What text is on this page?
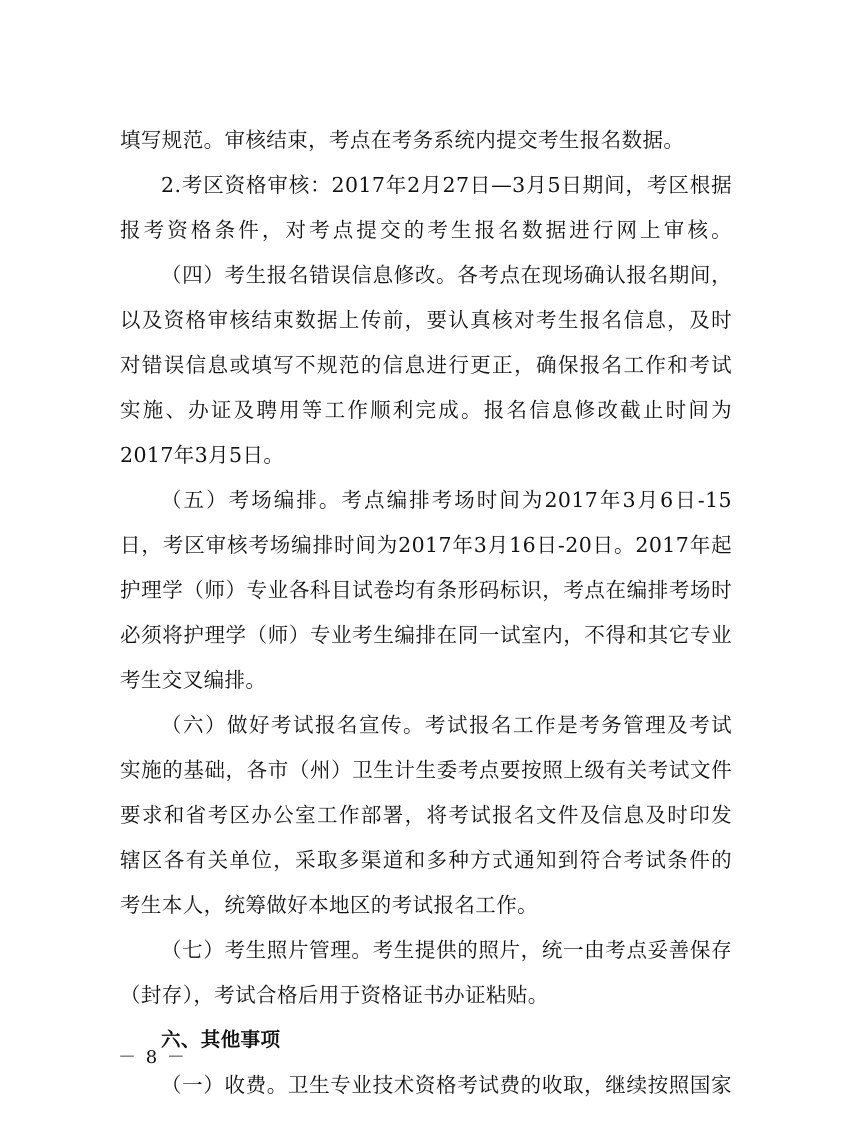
填写规范。审核结束，考点在考务系统内提交考生报名数据。
2.考区资格审核：2017年2月27日—3月5日期间，考区根据
报考资格条件，对考点提交的考生报名数据进行网上审核。
（四）考生报名错误信息修改。各考点在现场确认报名期间，
以及资格审核结束数据上传前，要认真核对考生报名信息，及时
对错误信息或填写不规范的信息进行更正，确保报名工作和考试
实施、办证及聘用等工作顺利完成。报名信息修改截止时间为
2017年3月5日。
（五）考场编排。考点编排考场时间为2017年3月6日-15
日，考区审核考场编排时间为2017年3月16日-20日。2017年起
护理学（师）专业各科目试卷均有条形码标识，考点在编排考场时
必须将护理学（师）专业考生编排在同一试室内，不得和其它专业
考生交叉编排。
（六）做好考试报名宣传。考试报名工作是考务管理及考试
实施的基础，各市（州）卫生计生委考点要按照上级有关考试文件
要求和省考区办公室工作部署，将考试报名文件及信息及时印发
辖区各有关单位，采取多渠道和多种方式通知到符合考试条件的
考生本人，统筹做好本地区的考试报名工作。
（七）考生照片管理。考生提供的照片，统一由考点妥善保存
（封存），考试合格后用于资格证书办证粘贴。
六、其他事项
（一）收费。卫生专业技术资格考试费的收取，继续按照国家
－ 8 －
